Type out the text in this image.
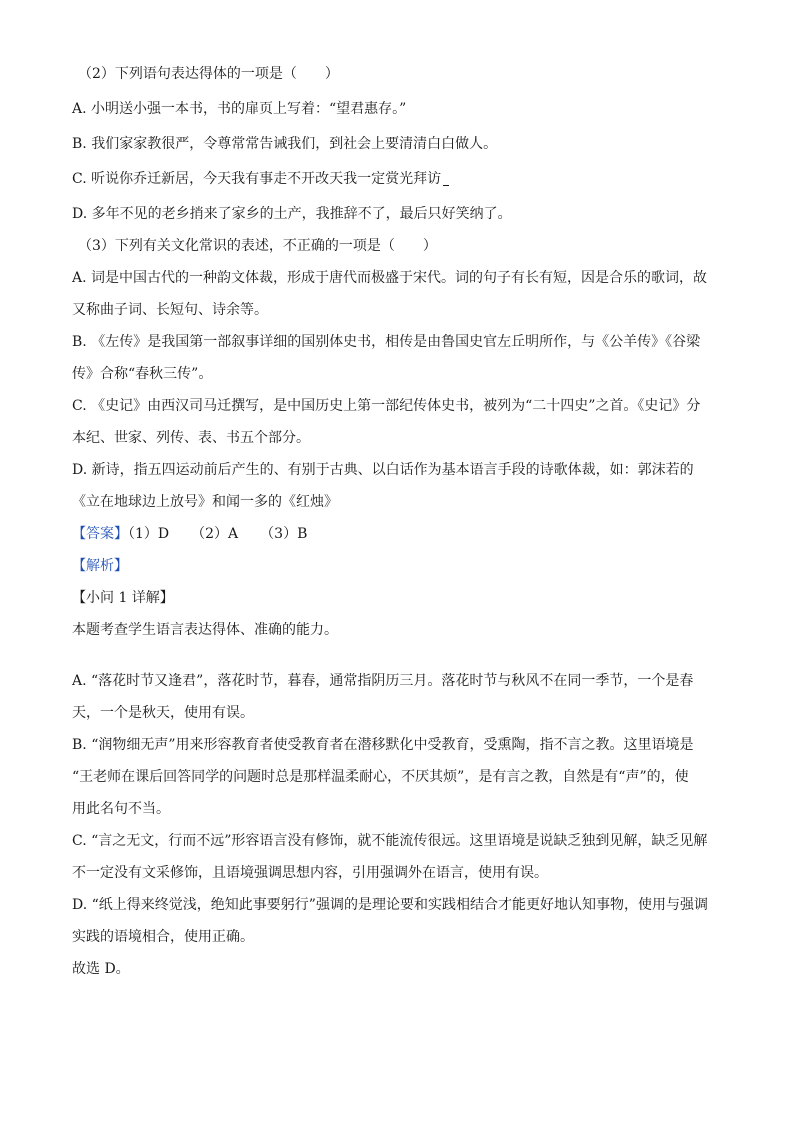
（2）下列语句表达得体的一项是（　　）

A. 小明送小强一本书，书的扉页上写着：“望君惠存。”

B. 我们家家教很严，令尊常常告诫我们，到社会上要清清白白做人。

C. 听说你乔迁新居，今天我有事走不开改天我一定赏光拜访

D. 多年不见的老乡捎来了家乡的土产，我推辞不了，最后只好笑纳了。

（3）下列有关文化常识的表述，不正确的一项是（　　）

A. 词是中国古代的一种韵文体裁，形成于唐代而极盛于宋代。词的句子有长有短，因是合乐的歌词，故

又称曲子词、长短句、诗余等。

B. 《左传》是我国第一部叙事详细的国别体史书，相传是由鲁国史官左丘明所作，与《公羊传》《谷梁

传》合称“春秋三传”。

C. 《史记》由西汉司马迁撰写，是中国历史上第一部纪传体史书，被列为“二十四史”之首。《史记》分

本纪、世家、列传、表、书五个部分。

D. 新诗，指五四运动前后产生的、有别于古典、以白话作为基本语言手段的诗歌体裁，如：郭沫若的

《立在地球边上放号》和闻一多的《红烛》

【答案】（1）D （2）A （3）B

【解析】

【小问 1 详解】

本题考查学生语言表达得体、准确的能力。

A. “落花时节又逢君”，落花时节，暮春，通常指阴历三月。落花时节与秋风不在同一季节，一个是春

天，一个是秋天，使用有误。

B. “润物细无声”用来形容教育者使受教育者在潜移默化中受教育，受熏陶，指不言之教。这里语境是

“王老师在课后回答同学的问题时总是那样温柔耐心，不厌其烦”，是有言之教，自然是有“声”的，使

用此名句不当。

C. “言之无文，行而不远”形容语言没有修饰，就不能流传很远。这里语境是说缺乏独到见解，缺乏见解

不一定没有文采修饰，且语境强调思想内容，引用强调外在语言，使用有误。

D. “纸上得来终觉浅，绝知此事要躬行”强调的是理论要和实践相结合才能更好地认知事物，使用与强调

实践的语境相合，使用正确。

故选 D。
